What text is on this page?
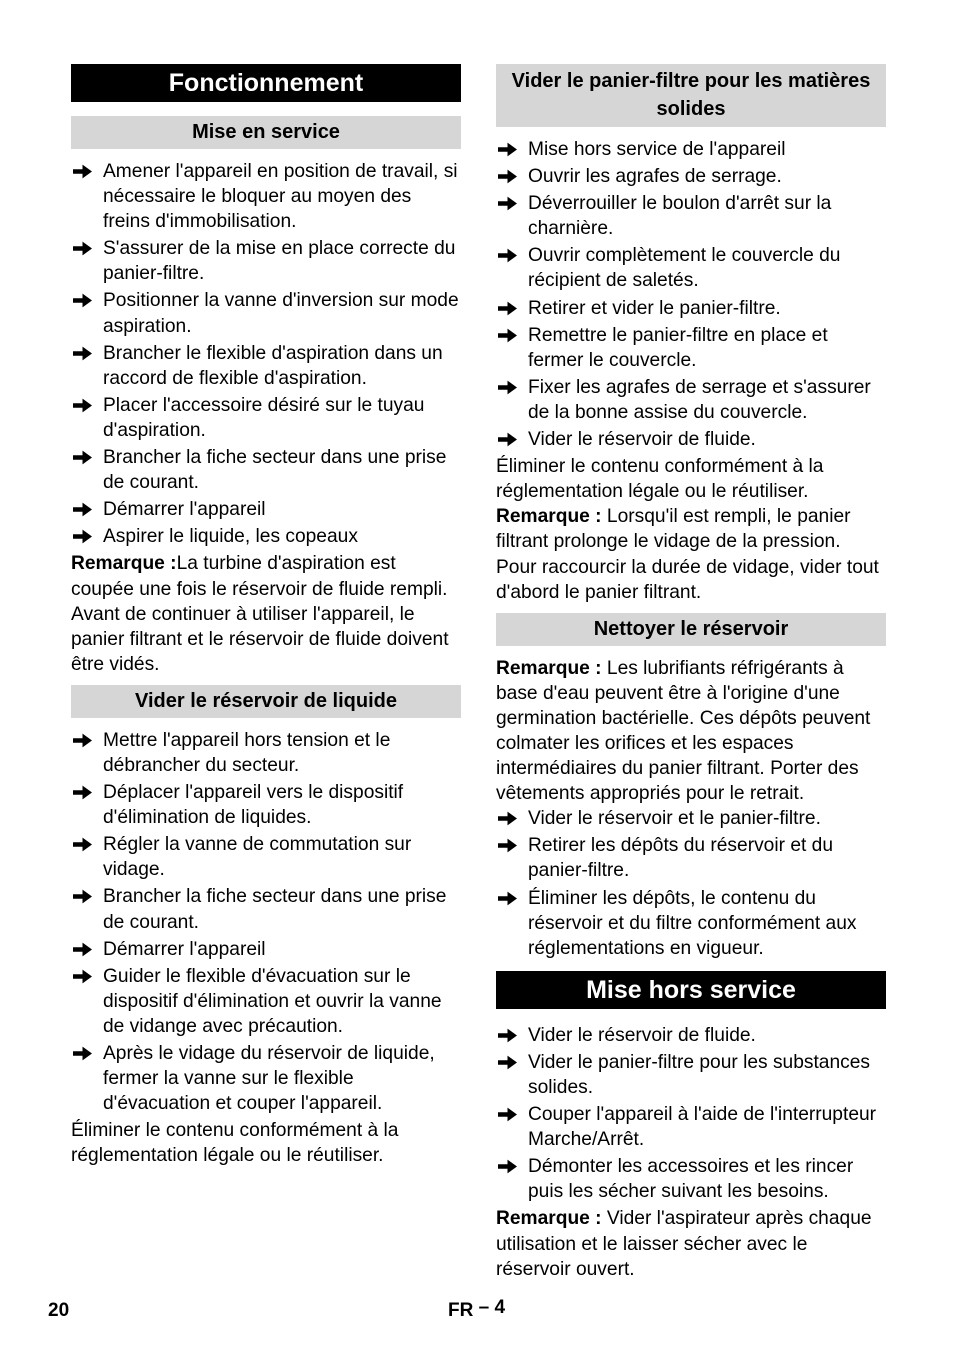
Fonctionnement
Mise en service
Amener l'appareil en position de travail, si nécessaire le bloquer au moyen des freins d'immobilisation.
S'assurer de la mise en place correcte du panier-filtre.
Positionner la vanne d'inversion sur mode aspiration.
Brancher le flexible d'aspiration dans un raccord de flexible d'aspiration.
Placer l'accessoire désiré sur le tuyau d'aspiration.
Brancher la fiche secteur dans une prise de courant.
Démarrer l'appareil
Aspirer le liquide, les copeaux

Remarque :La turbine d'aspiration est coupée une fois le réservoir de fluide rempli. Avant de continuer à utiliser l'appareil, le panier filtrant et le réservoir de fluide doivent être vidés.

Vider le réservoir de liquide
Mettre l'appareil hors tension et le débrancher du secteur.
Déplacer l'appareil vers le dispositif d'élimination de liquides.
Régler la vanne de commutation sur vidage.
Brancher la fiche secteur dans une prise de courant.
Démarrer l'appareil
Guider le flexible d'évacuation sur le dispositif d'élimination et ouvrir la vanne de vidange avec précaution.
Après le vidage du réservoir de liquide, fermer la vanne sur le flexible d'évacuation et couper l'appareil.

Éliminer le contenu conformément à la réglementation légale ou le réutiliser.

Vider le panier-filtre pour les matières solides
Mise hors service de l'appareil
Ouvrir les agrafes de serrage.
Déverrouiller le boulon d'arrêt sur la charnière.
Ouvrir complètement le couvercle du récipient de saletés.
Retirer et vider le panier-filtre.
Remettre le panier-filtre en place et fermer le couvercle.
Fixer les agrafes de serrage et s'assurer de la bonne assise du couvercle.
Vider le réservoir de fluide.

Éliminer le contenu conformément à la réglementation légale ou le réutiliser.

Remarque : Lorsqu'il est rempli, le panier filtrant prolonge le vidage de la pression. Pour raccourcir la durée de vidage, vider tout d'abord le panier filtrant.

Nettoyer le réservoir

Remarque : Les lubrifiants réfrigérants à base d'eau peuvent être à l'origine d'une germination bactérielle. Ces dépôts peuvent colmater les orifices et les espaces intermédiaires du panier filtrant. Porter des vêtements appropriés pour le retrait.

Vider le réservoir et le panier-filtre.
Retirer les dépôts du réservoir et du panier-filtre.
Éliminer les dépôts, le contenu du réservoir et du filtre conformément aux réglementations en vigueur.
Mise hors service
Vider le réservoir de fluide.
Vider le panier-filtre pour les substances solides.
Couper l'appareil à l'aide de l'interrupteur Marche/Arrêt.
Démonter les accessoires et les rincer puis les sécher suivant les besoins.

Remarque : Vider l'aspirateur après chaque utilisation et le laisser sécher avec le réservoir ouvert.

20	FR – 4
